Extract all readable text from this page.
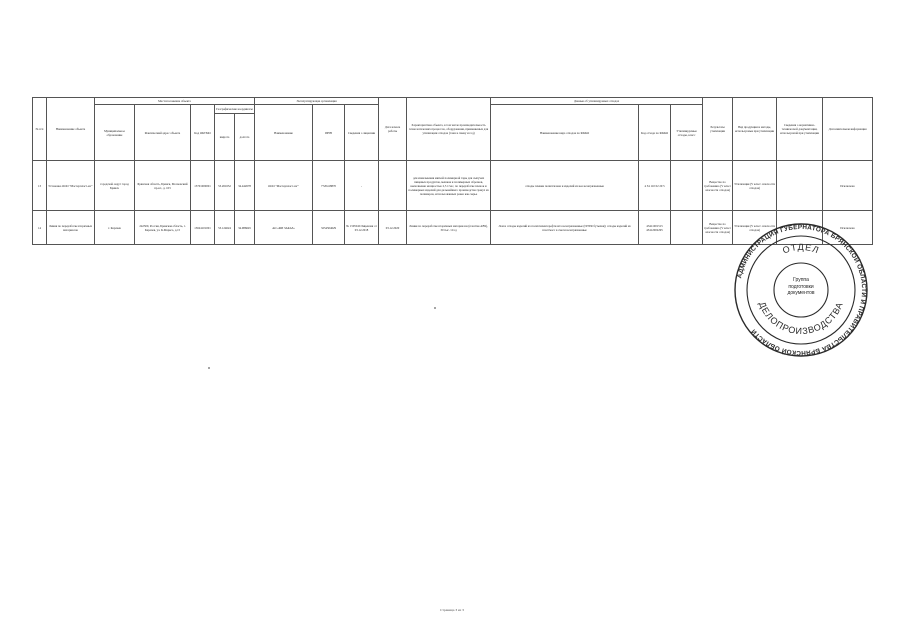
№ п/п	Наименование объекта	Местоположение объекта					Эксплуатирующая организация			Дата начала работы	Характеристика объекта, в том числе производительность технологических процессов, оборудования, применяемых для утилизации отходов (тонн в смену и год)	Данные об утилизируемых отходах			Результаты утилизации	Вид продукции и методы, используемые при утилизации	Сведения о нормативно-технической документации, используемой при утилизации	Дополнительная информация
		Муниципальное образование	Фактический адрес объекта	Код ОКТМО	Географические координаты		Наименование	ИНН	Сведения о лицензии			Наименование вида отходов по ФККО	Код отхода по ФККО	Утилизируемые отходы, класс				
					широта	долгота												
13	Установка ООО "Мастерпласт-юг"	городской округ город Брянск	Брянская область, Брянск, Московский пр-кт., д. 103	15701000001	53.261652	34.442678	ООО "Мастерпласт-юг"	7720418870	-		для измельчения мягкой полимерной тары для сыпучих пищевых продуктов, мешков и полимерных обрезков, выполнение мощностью 2,5 т/час, по переработке пленок и полимерных изделий для дальнейшего производства гранул из полимеров, использованных ранее как сырье	отходы пленки полиэтилена и изделий из нее незагрязненные	4 34 110 02 29 5		Вещество по требованию (V класс опасности отходов)	Утилизация (V класс опасности отходов)		Исключено
14	Линия по переработке вторичных материалов	г. Карачев	242500, Россия, Брянская область, г. Карачев, ул. К.Маркса, д.15	15624101001	53.124624	34.986645	АО «ФИ ЗАКАЗ»	3254504629	№ 15950-Б/Лицензия от 03.12.2018	03.12.2020	Линия по переработке вторичных материалов (пластик ABS), 30 тыс. т/год	Лом и отходы изделий из полиэтилентерефталата незагрязненные (ПЭТФ бутылки); отходы изделий из пластмасс в смеси незагрязненные	43411001515 43412002295		Вещество по требованию (V класс опасности отходов)	Утилизация (V класс опасности отходов)		Исключено
АДМИНИСТРАЦИЯ ГУБЕРНАТОРА БРЯНСКОЙ ОБЛАСТИ И ПРАВИТЕЛЬСТВА БРЯНСКОЙ ОБЛАСТИ
ОТДЕЛ
ДЕЛОПРОИЗВОДСТВА
Группа
подготовки
документов
Страница 3 из 3
